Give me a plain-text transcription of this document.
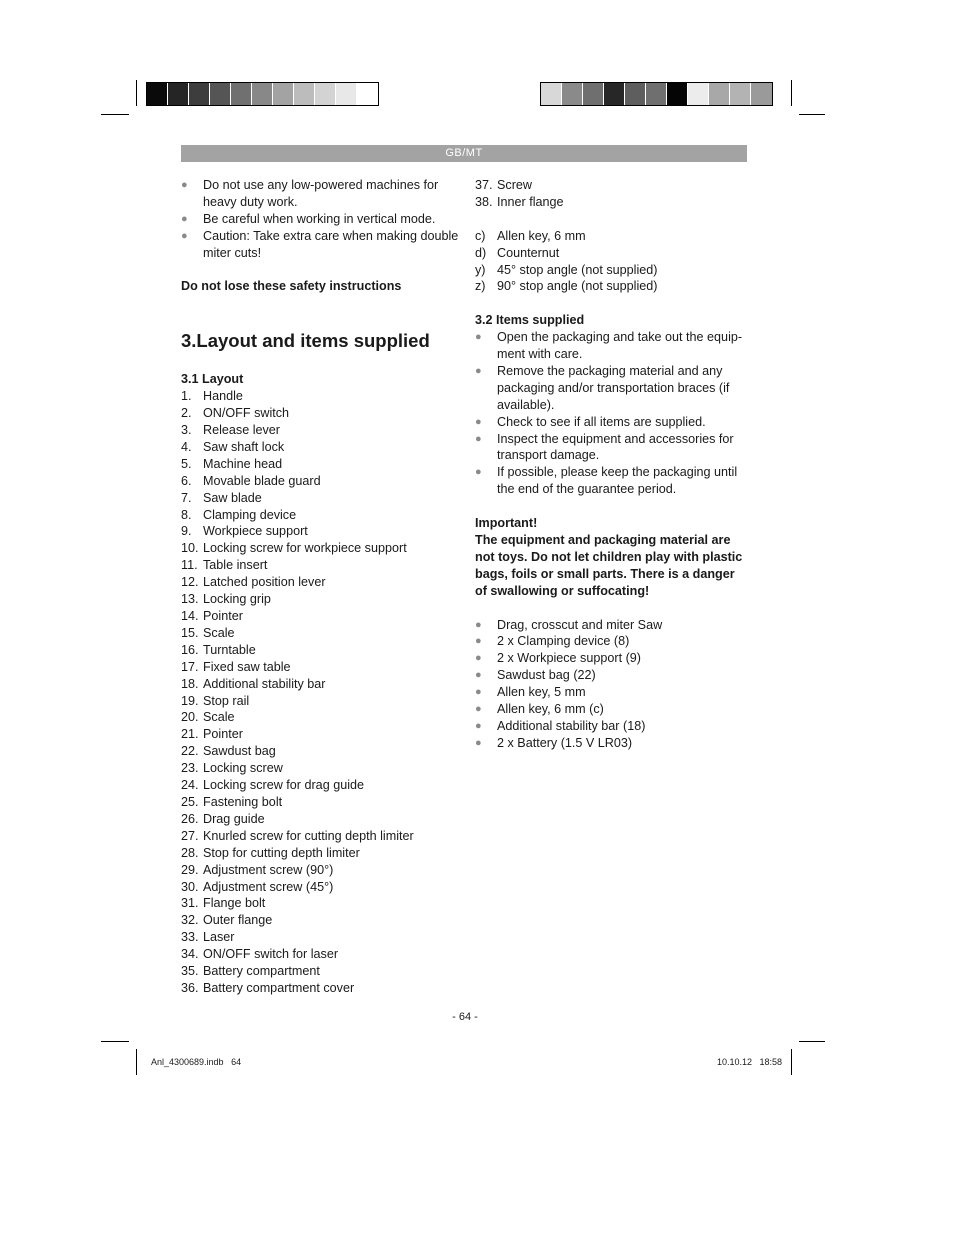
GB/MT
●	Do not use any low-powered machines for heavy duty work.
●	Be careful when working in vertical mode.
●	Caution: Take extra care when making double miter cuts!

Do not lose these safety instructions

3.Layout and items supplied

3.1 Layout

1. Handle
2. ON/OFF switch
3. Release lever
4. Saw shaft lock
5. Machine head
6. Movable blade guard
7. Saw blade
8. Clamping device
9. Workpiece support
10. Locking screw for workpiece support
11. Table insert
12. Latched position lever
13. Locking grip
14. Pointer
15. Scale
16. Turntable
17. Fixed saw table
18. Additional stability bar
19. Stop rail
20. Scale
21. Pointer
22. Sawdust bag
23. Locking screw
24. Locking screw for drag guide
25. Fastening bolt
26. Drag guide
27. Knurled screw for cutting depth limiter
28. Stop for cutting depth limiter
29. Adjustment screw (90°)
30. Adjustment screw (45°)
31. Flange bolt
32. Outer flange
33. Laser
34. ON/OFF switch for laser
35. Battery compartment
36. Battery compartment cover
37. Screw
38. Inner flange
c) Allen key, 6 mm
d) Counternut
y) 45° stop angle (not supplied)
z) 90° stop angle (not supplied)

3.2 Items supplied

●	Open the packaging and take out the equip-ment with care.
●	Remove the packaging material and any packaging and/or transportation braces (if available).
●	Check to see if all items are supplied.
●	Inspect the equipment and accessories for transport damage.
●	If possible, please keep the packaging until the end of the guarantee period.

Important!

The equipment and packaging material are not toys. Do not let children play with plastic bags, foils or small parts. There is a danger of swallowing or suffocating!

●	Drag, crosscut and miter Saw
●	2 x Clamping device (8)
●	2 x Workpiece support (9)
●	Sawdust bag (22)
●	Allen key, 5 mm
●	Allen key, 6 mm (c)
●	Additional stability bar (18)
●	2 x Battery (1.5 V LR03)
- 64 -
Anl_4300689.indb   64	10.10.12   18:58
